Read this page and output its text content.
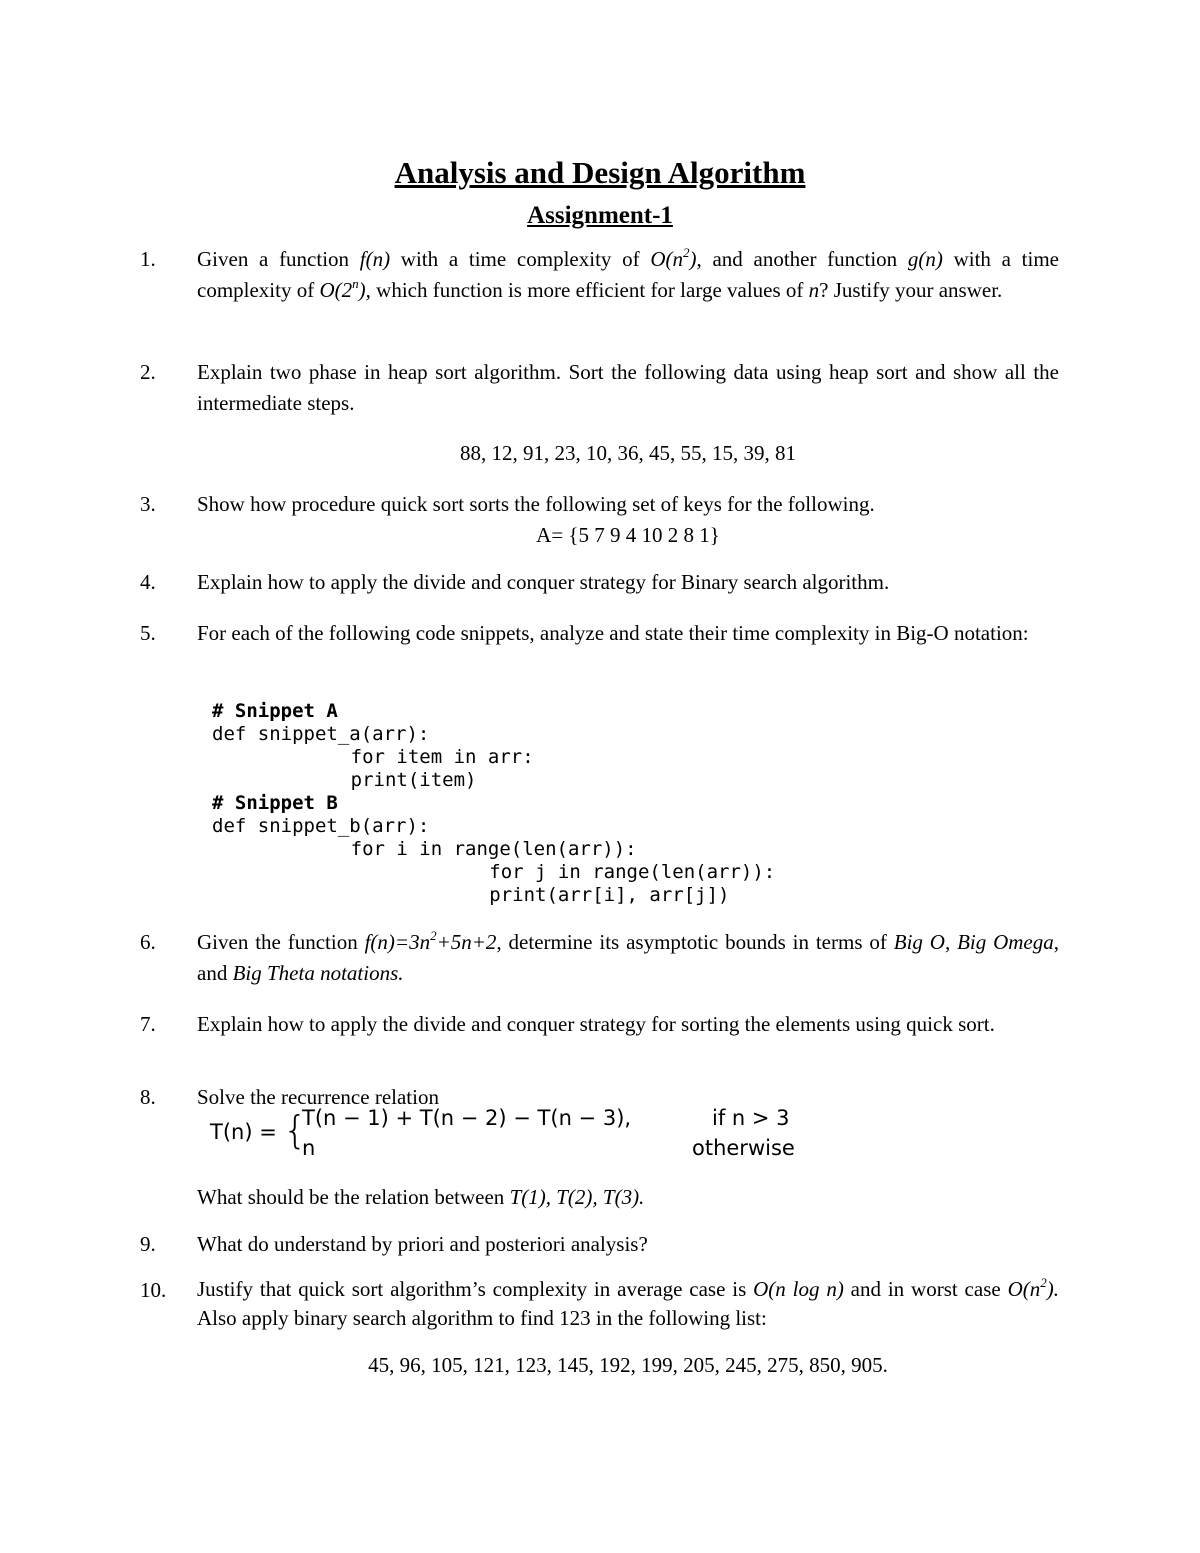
Analysis and Design Algorithm
Assignment-1
1. Given a function f(n) with a time complexity of $O(n^2)$, and another function g(n) with a time complexity of O(2$^n$), which function is more efficient for large values of n? Justify your answer.
2. Explain two phase in heap sort algorithm. Sort the following data using heap sort and show all the intermediate steps.
88, 12, 91, 23, 10, 36, 45, 55, 15, 39, 81
3. Show how procedure quick sort sorts the following set of keys for the following.
A= {5 7 9 4 10 2 8 1}
4. Explain how to apply the divide and conquer strategy for Binary search algorithm.
5. For each of the following code snippets, analyze and state their time complexity in Big-O notation:
# Snippet A
def snippet_a(arr):
for item in arr:
print(item)
# Snippet B
def snippet_b(arr):
for i in range(len(arr)):
for j in range(len(arr)):
print(arr[i], arr[j])
6. Given the function $f(n)=3n^2+5n+2$, determine its asymptotic bounds in terms of Big O, Big Omega, and Big Theta notations.
7. Explain how to apply the divide and conquer strategy for sorting the elements using quick sort.
8. Solve the recurrence relation
T(n) = {
T(n − 1) + T(n − 2) − T(n − 3),	if n > 3
n	otherwise
What should be the relation between T(1), T(2), T(3).
9. What do understand by priori and posteriori analysis?
10. Justify that quick sort algorithm’s complexity in average case is O(n log n) and in worst case $O(n^2)$. Also apply binary search algorithm to find 123 in the following list:
45, 96, 105, 121, 123, 145, 192, 199, 205, 245, 275, 850, 905.
